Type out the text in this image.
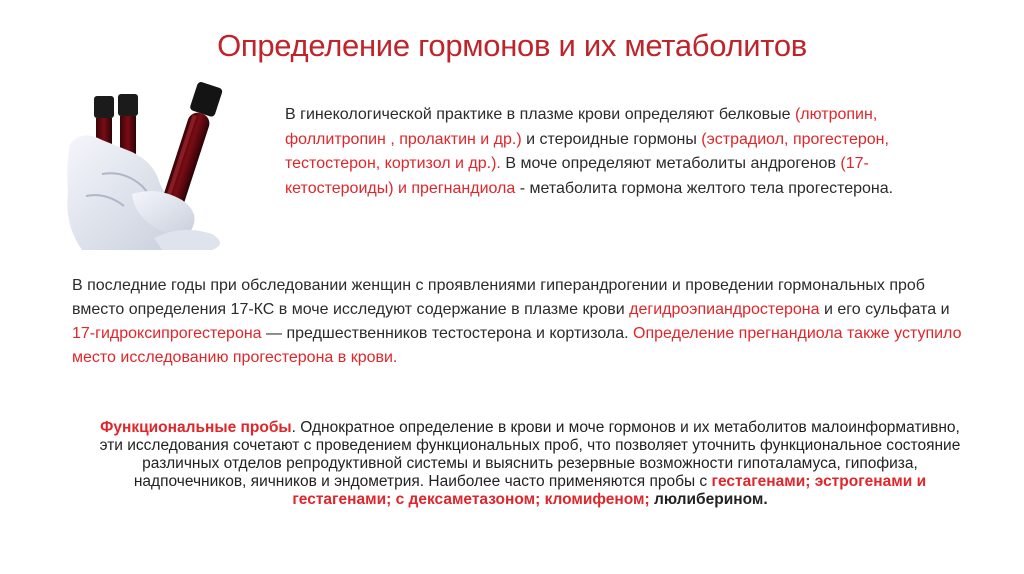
Определение гормонов и их метаболитов
В гинекологической практике в плазме крови определяют белковые (лютропин, фоллитропин , пролактин и др.) и стероидные гормоны (эстрадиол, прогестерон, тестостерон, кортизол и др.). В моче определяют метаболиты андрогенов (17-кетостероиды) и прегнандиола - метаболита гормона желтого тела прогестерона.
В последние годы при обследовании женщин с проявлениями гиперандрогении и проведении гормональных проб вместо определения 17-КС в моче исследуют содержание в плазме крови дегидроэпиандростерона и его сульфата и 17-гидроксипрогестерона — предшественников тестостерона и кортизола. Определение прегнандиола также уступило место исследованию прогестерона в крови.
Функциональные пробы. Однократное определение в крови и моче гормонов и их метаболитов малоинформативно, эти исследования сочетают с проведением функциональных проб, что позволяет уточнить функциональное состояние различных отделов репродуктивной системы и выяснить резервные возможности гипоталамуса, гипофиза, надпочечников, яичников и эндометрия. Наиболее часто применяются пробы с гестагенами; эстрогенами и гестагенами; с дексаметазоном; кломифеном; люлиберином.
